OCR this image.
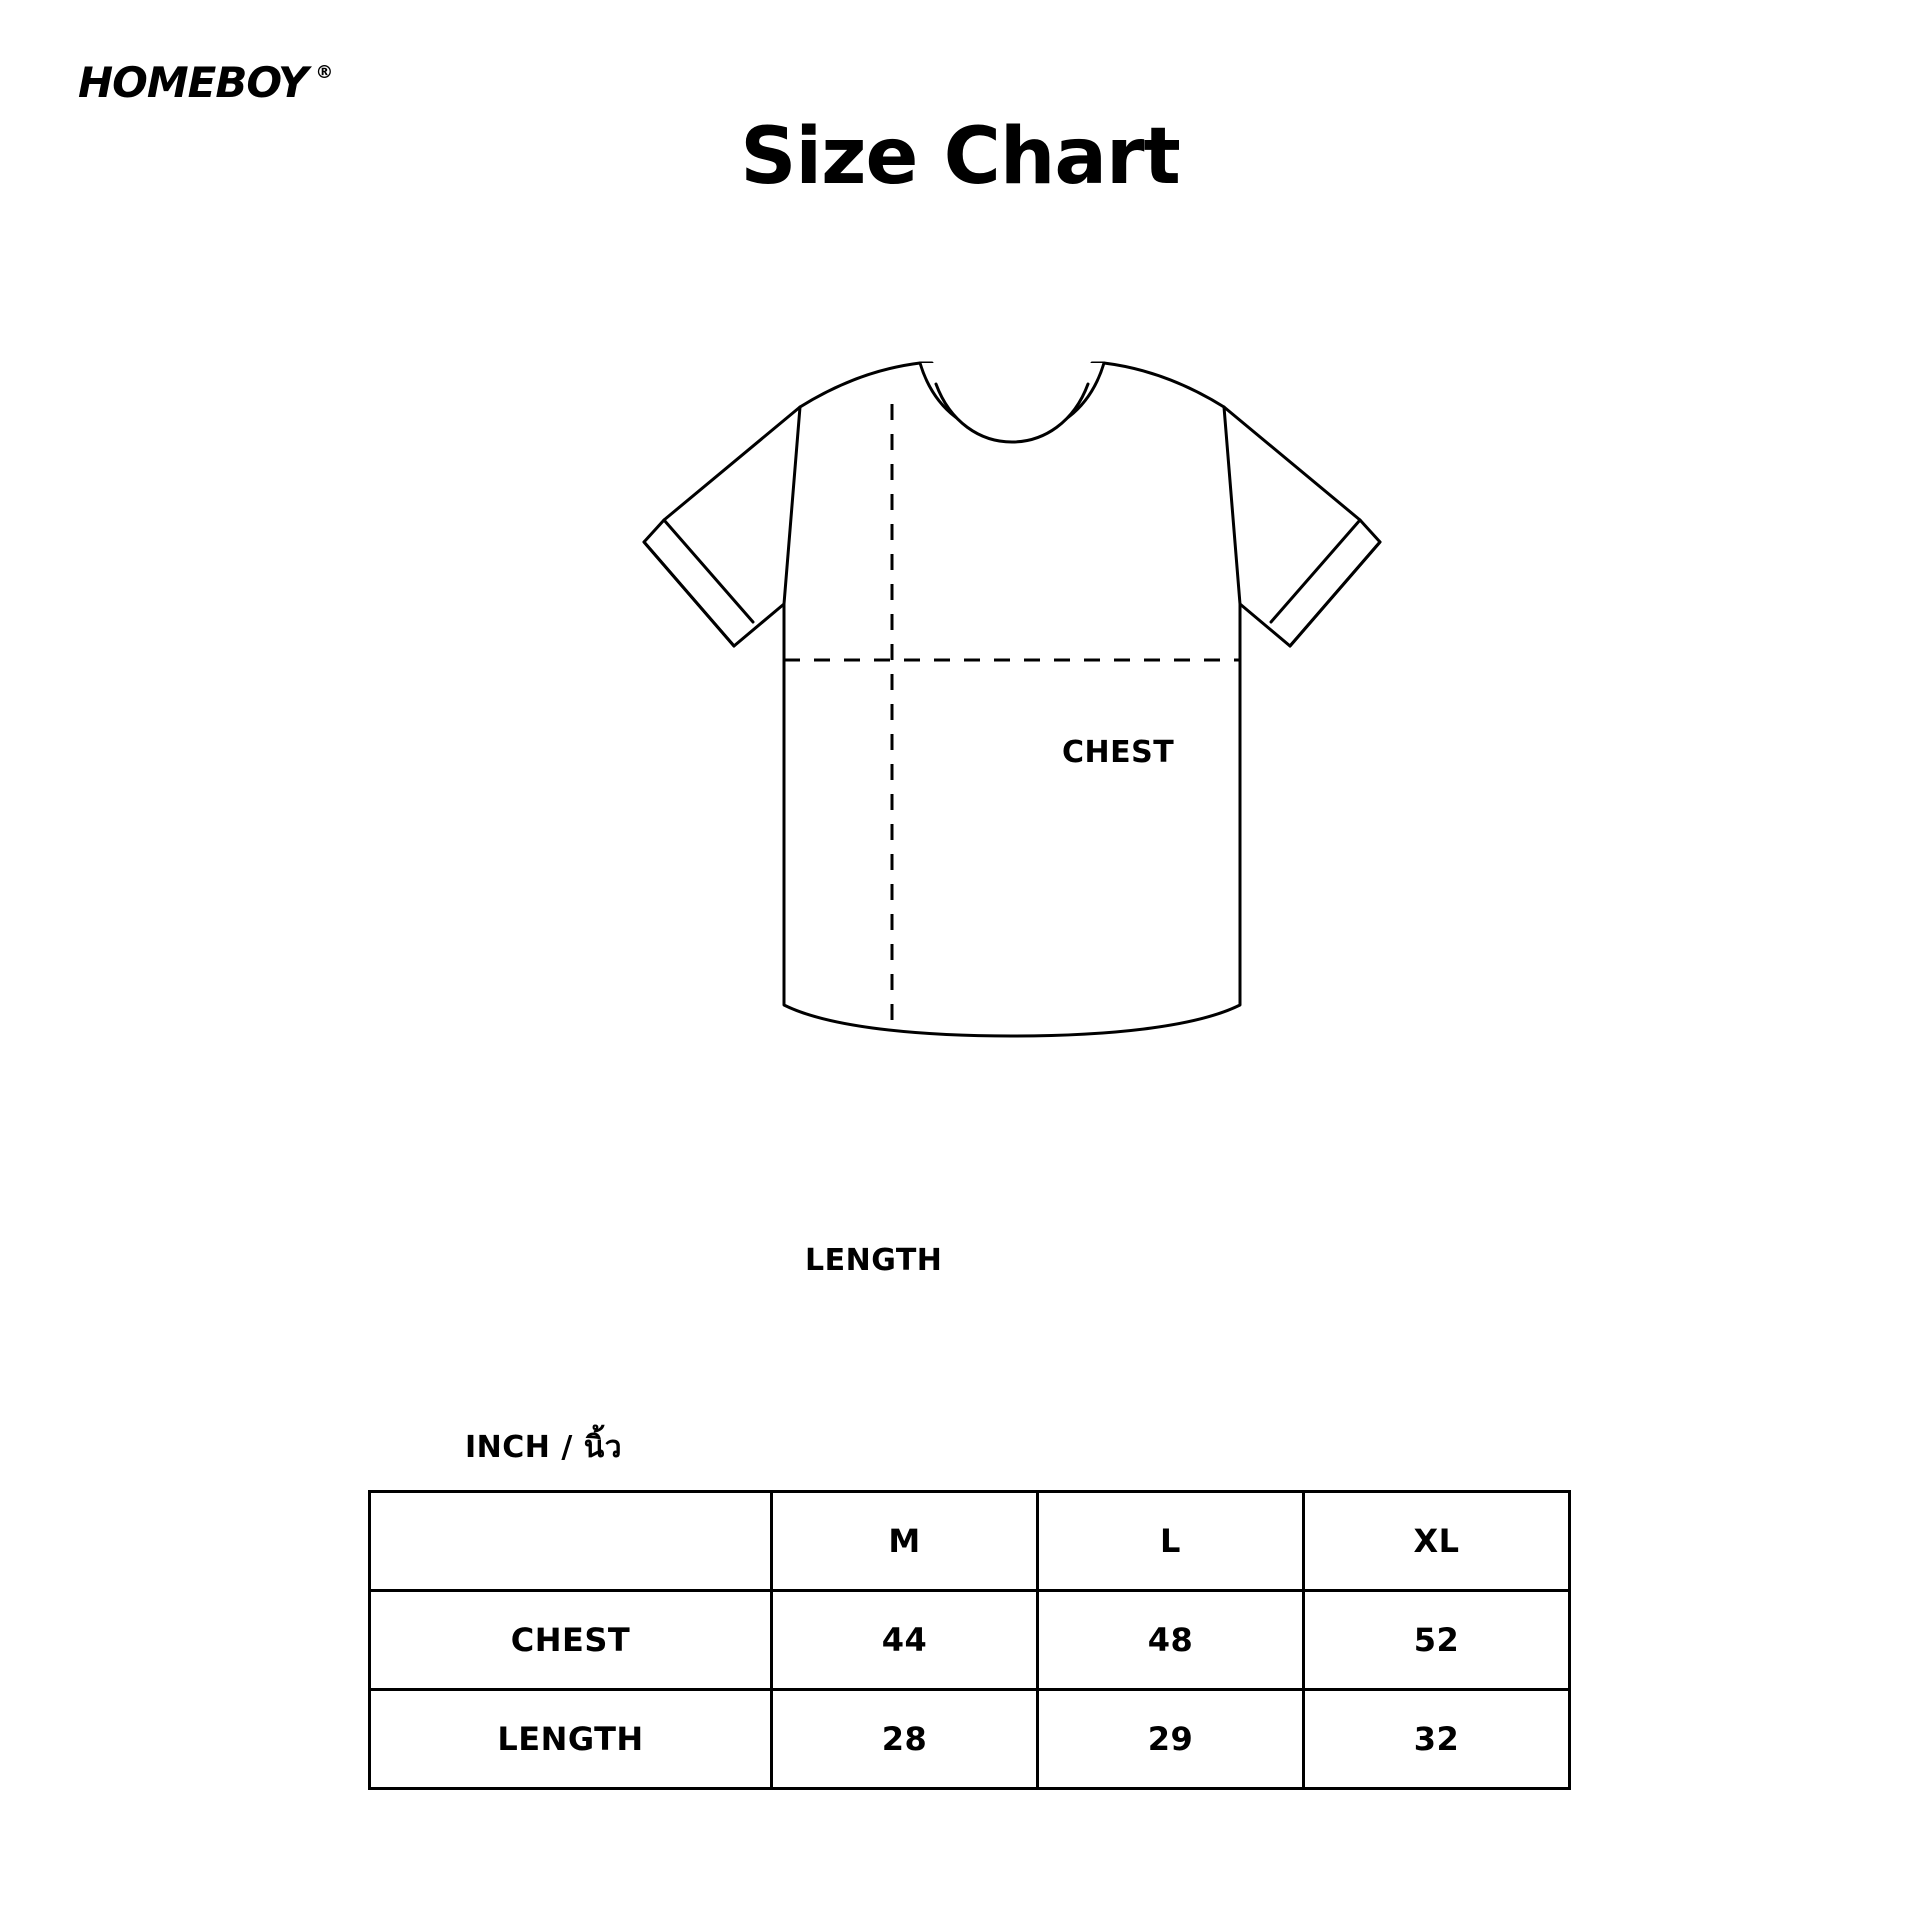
HOMEBOY ®
Size Chart
CHEST
LENGTH
INCH / นิ้ว
	M	L	XL
CHEST	44	48	52
LENGTH	28	29	32
